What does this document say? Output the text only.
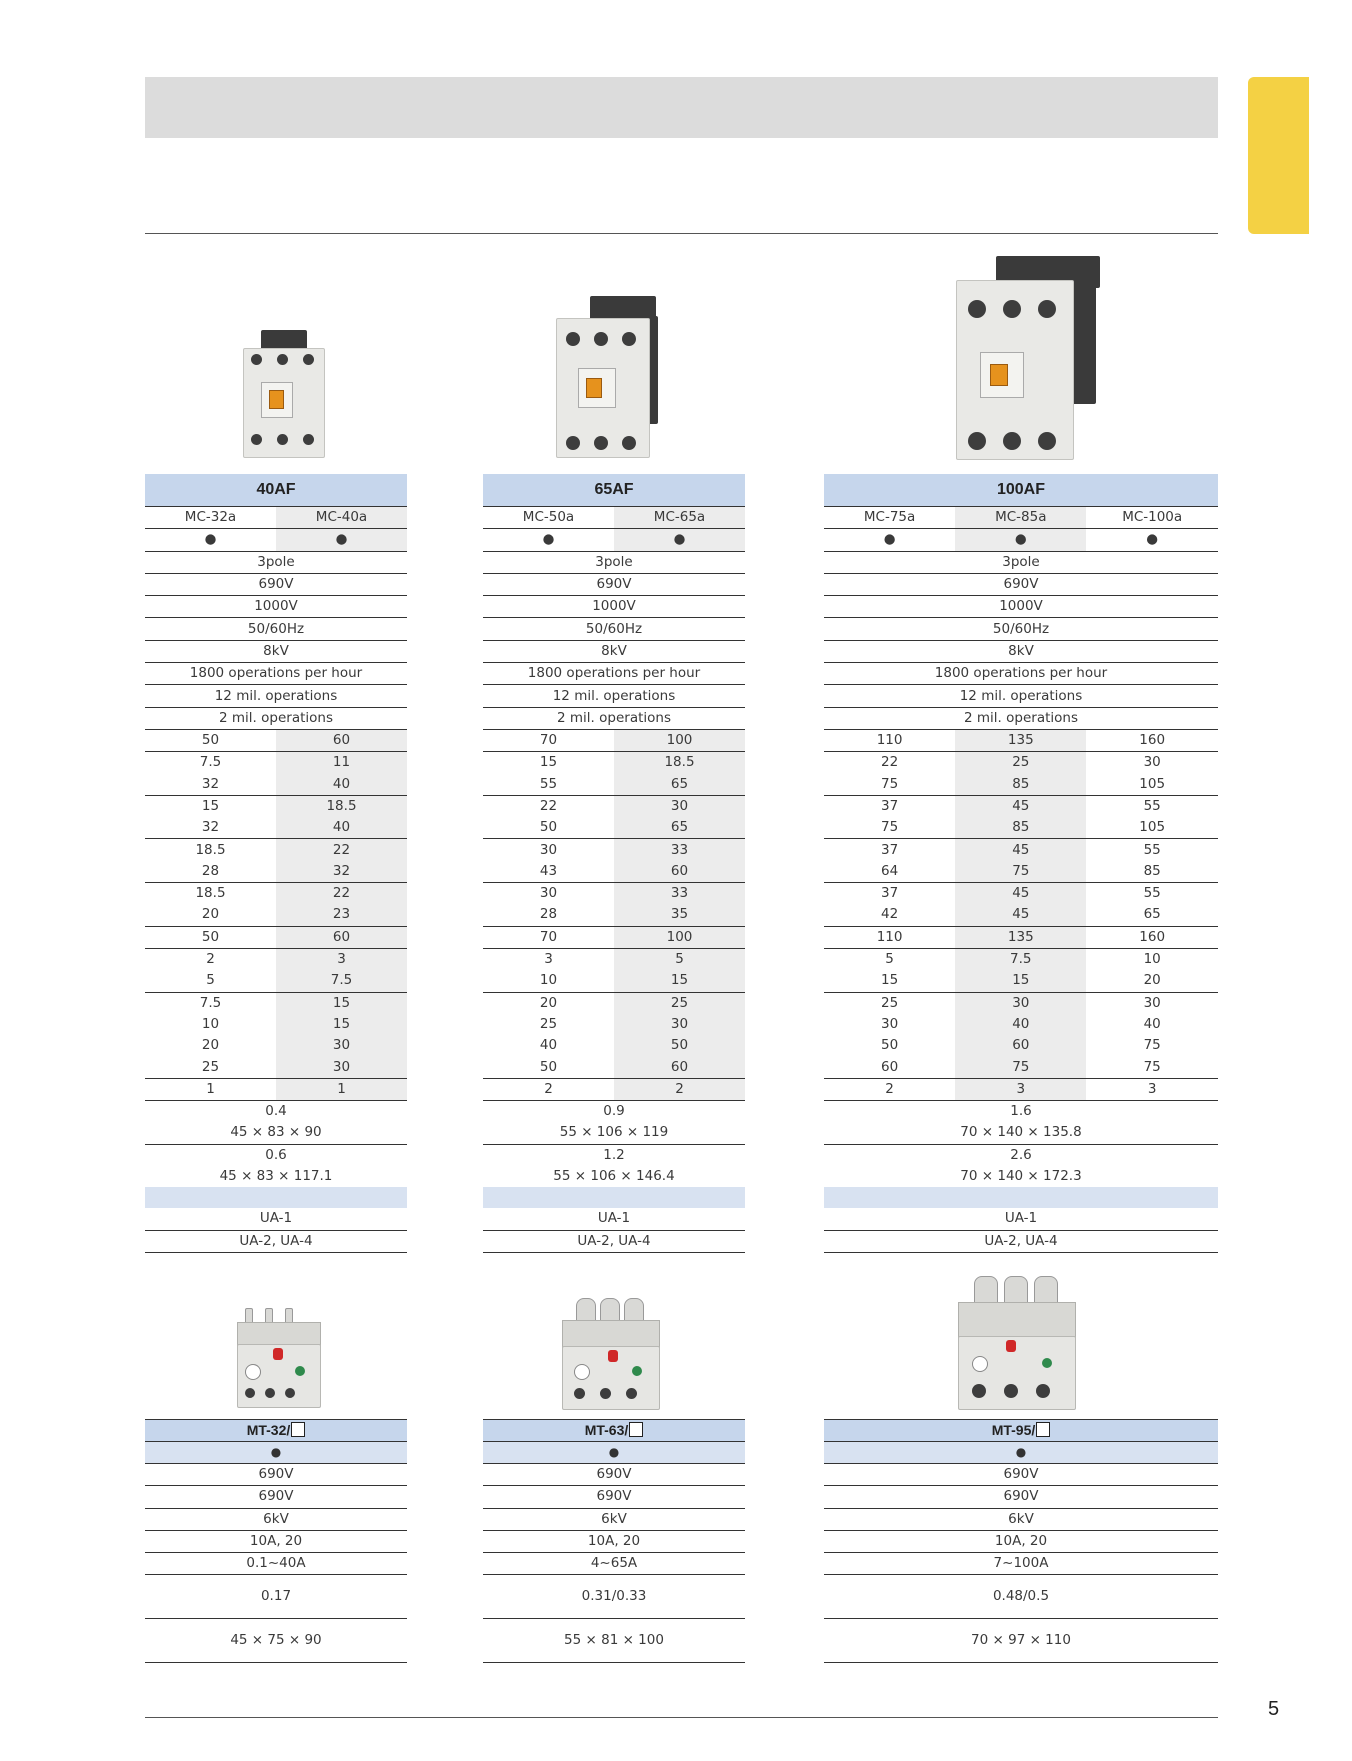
40AF
MC-32a	MC-40a
●	●
3pole	
690V	
1000V	
50/60Hz	
8kV	
1800 operations per hour	
12 mil. operations	
2 mil. operations	
50	60
7.5	11
32	40
15	18.5
32	40
18.5	22
28	32
18.5	22
20	23
50	60
2	3
5	7.5
7.5	15
10	15
20	30
25	30
1	1
0.4	
45 × 83 × 90	
0.6	
45 × 83 × 117.1	
UA-1
UA-2, UA-4
65AF
MC-50a	MC-65a
●	●
3pole	
690V	
1000V	
50/60Hz	
8kV	
1800 operations per hour	
12 mil. operations	
2 mil. operations	
70	100
15	18.5
55	65
22	30
50	65
30	33
43	60
30	33
28	35
70	100
3	5
10	15
20	25
25	30
40	50
50	60
2	2
0.9	
55 × 106 × 119	
1.2	
55 × 106 × 146.4	
UA-1
UA-2, UA-4
100AF
MC-75a	MC-85a	MC-100a
●	●	●
3pole		
690V		
1000V		
50/60Hz		
8kV		
1800 operations per hour		
12 mil. operations		
2 mil. operations		
110	135	160
22	25	30
75	85	105
37	45	55
75	85	105
37	45	55
64	75	85
37	45	55
42	45	65
110	135	160
5	7.5	10
15	15	20
25	30	30
30	40	40
50	60	75
60	75	75
2	3	3
1.6		
70 × 140 × 135.8		
2.6		
70 × 140 × 172.3		
UA-1
UA-2, UA-4
MT-32/
●
690V
690V
6kV
10A, 20
0.1~40A
0.17
45 × 75 × 90
MT-63/
●
690V
690V
6kV
10A, 20
4~65A
0.31/0.33
55 × 81 × 100
MT-95/
●
690V
690V
6kV
10A, 20
7~100A
0.48/0.5
70 × 97 × 110
5
